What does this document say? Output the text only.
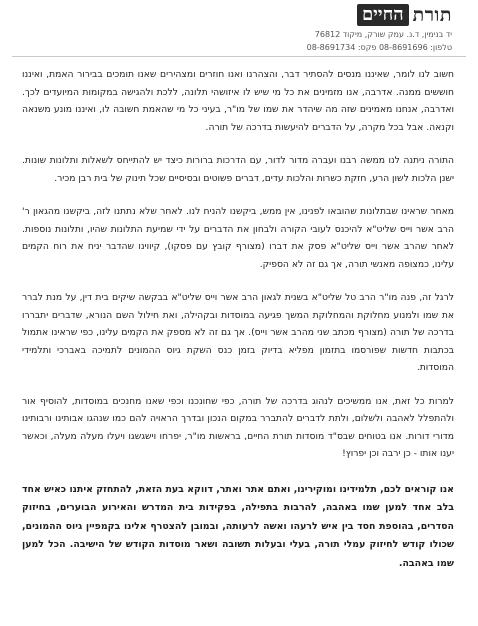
תורת
החיים
יד בנימין, ד.נ. עמק שורק, מיקוד 76812
טלפון: 08-8691696 פקס: 08-8691734

חשוב לנו לומר, שאיננו מנסים להסתיר דבר, והצהרנו ואנו חוזרים ומצהירים שאנו תומכים בבירור האמת, ואיננו חוששים ממנה. אדרבה, אנו מזמינים את כל מי שיש לו איזושהי תלונה, ללכת ולהגישה במקומות המיועדים לכך. ואדרבה, אנחנו מאמינים שזה מה שיהדר את שמו של מו"ר, בעיני כל מי שהאמת חשובה לו, ואיננו מונע משנאה וקנאה. אבל בכל מקרה, על הדברים להיעשות בדרכה של תורה.

התורה ניתנה לנו ממשה רבנו ועברה מדור לדור, עם הדרכות ברורות כיצד יש להתייחס לשאלות ותלונות שונות. ישנן הלכות לשון הרע, חזקת כשרות והלכות עדים, דברים פשוטים ובסיסיים שכל תינוק של בית רבן מכיר.

מאחר שראינו שבתלונות שהובאו לפנינו, אין ממש, ביקשנו להניח לנו. לאחר שלא נתתנו לזה, ביקשנו מהגאון ר' הרב אשר וייס שליט"א להיכנס לעובי הקורה ולבחון את הדברים על ידי שמיעת התלונות שהיו, ותלונות נוספות. לאחר שהרב אשר וייס שליט"א פסק את דברו (מצורף קובץ עם פסקו), קיווינו שהדבר יניח את רוח הקמים עלינו, כמצופה מאנשי תורה, אך גם זה לא הספיק.

לרגל זה, פנה מו"ר הרב טל שליט"א בשנית לגאון הרב אשר וייס שליט"א בבקשה שיקים בית דין, על מנת לברר את שמו ולמנוע מחלוקת והמחלוקת המשך פגיעה במוסדות ובקהילה, ואת חילול השם הנורא, שדברים יתבררו בדרכה של תורה (מצורף מכתב שני מהרב אשר וייס). אך גם זה לא מספק את הקמים עלינו, כפי שראינו אתמול בכתבות חדשות שפורסמו בתזמון מפליא בדיוק בזמן כנס השקת גיוס ההמונים לתמיכה באברכי ותלמידי המוסדות.

למרות כל זאת, אנו ממשיכים לנהוג בדרכה של תורה, כפי שחונכנו וכפי שאנו מחנכים במוסדות, להוסיף אור ולהתפלל לאהבה ולשלום, ולתת לדברים להתברר במקום הנכון ובדרך הראויה להם כמו שנהגו אבותינו ורבותינו מדורי דורות. אנו בטוחים שבס"ד מוסדות תורת החיים, בראשות מו"ר, יפרחו וישגשגו ויעלו מעלה מעלה, וכאשר יענו אותו - כן ירבה וכן יפרוץ!

אנו קוראים לכם, תלמידינו ומוקירינו, ואתם אתר ואתר, דווקא בעת הזאת, להתחזק איתנו כאיש אחד בלב אחד למען שמו באהבה, להרבות בתפילה, בפקידות בית המדרש והאירוע הבוערים, בחיזוק הסדרים, בהוספת חסד בין איש לרעהו ואשה לרעותה, ובמובן להצטרף אלינו בקמפיין גיוס ההמונים, שכולו קודש לחיזוק עמלי תורה, בעלי ובעלות תשובה ושאר מוסדות הקודש של הישיבה. הכל למען שמו באהבה.
